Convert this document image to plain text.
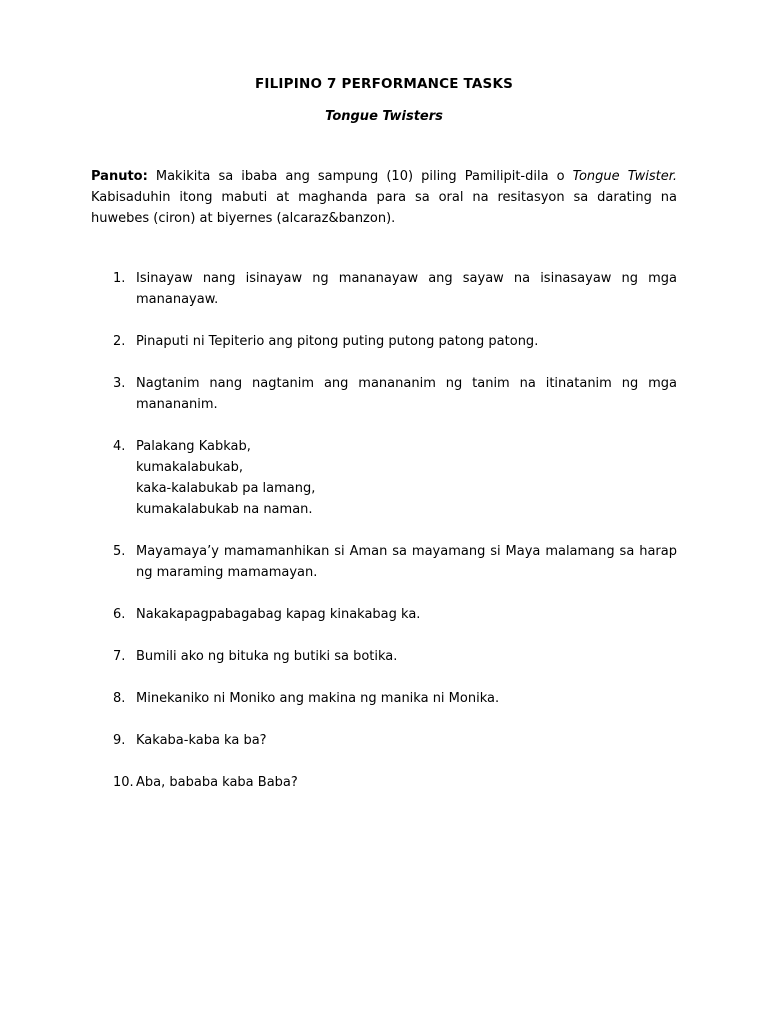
FILIPINO 7 PERFORMANCE TASKS
Tongue Twisters
Panuto: Makikita sa ibaba ang sampung (10) piling Pamilipit-dila o Tongue Twister. Kabisaduhin itong mabuti at maghanda para sa oral na resitasyon sa darating na huwebes (ciron) at biyernes (alcaraz&banzon).
1. Isinayaw nang isinayaw ng mananayaw ang sayaw na isinasayaw ng mga mananayaw.
2. Pinaputi ni Tepiterio ang pitong puting putong patong patong.
3. Nagtanim nang nagtanim ang manananim ng tanim na itinatanim ng mga manananim.
4. Palakang Kabkab,
kumakalabukab,
kaka-kalabukab pa lamang,
kumakalabukab na naman.
5. Mayamaya’y mamamanhikan si Aman sa mayamang si Maya malamang sa harap ng maraming mamamayan.
6. Nakakapagpabagabag kapag kinakabag ka.
7. Bumili ako ng bituka ng butiki sa botika.
8. Minekaniko ni Moniko ang makina ng manika ni Monika.
9. Kakaba-kaba ka ba?
10. Aba, bababa kaba Baba?
